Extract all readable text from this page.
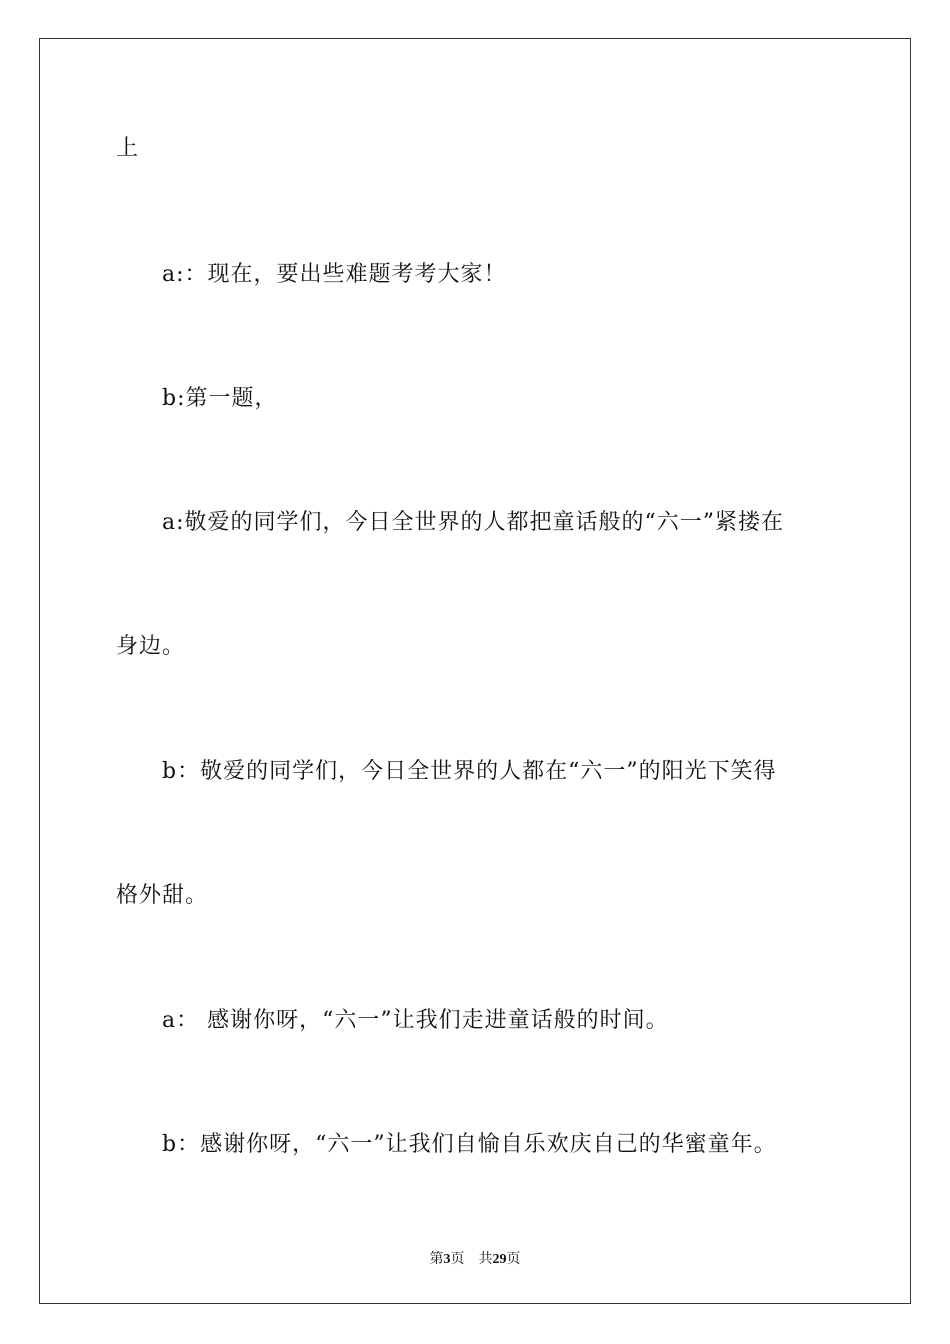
上
a:：现在，要出些难题考考大家！
b:第一题，
a:敬爱的同学们，今日全世界的人都把童话般的“六一”紧搂在
身边。
b：敬爱的同学们，今日全世界的人都在“六一”的阳光下笑得
格外甜。
a： 感谢你呀，“六一”让我们走进童话般的时间。
b：感谢你呀，“六一”让我们自愉自乐欢庆自己的华蜜童年。
第3页 共29页
